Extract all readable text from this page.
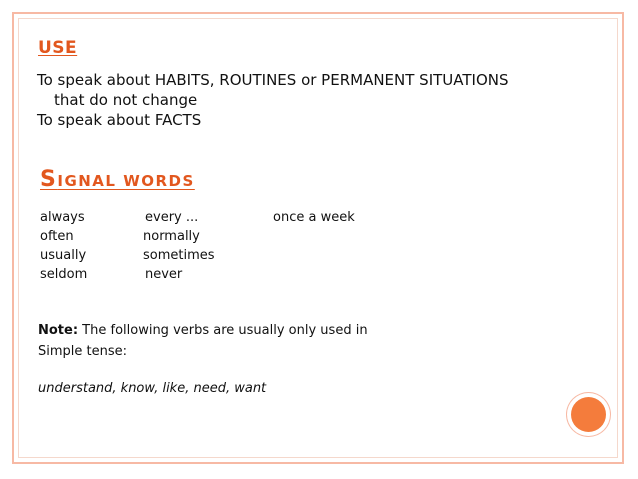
USE
To speak about HABITS, ROUTINES or PERMANENT SITUATIONS
that do not change
To speak about FACTS
SIGNAL WORDS
always
often
usually
seldom
every ...
normally
sometimes
never
once a week
Note: The following verbs are usually only used in
Simple tense:
understand, know, like, need, want
